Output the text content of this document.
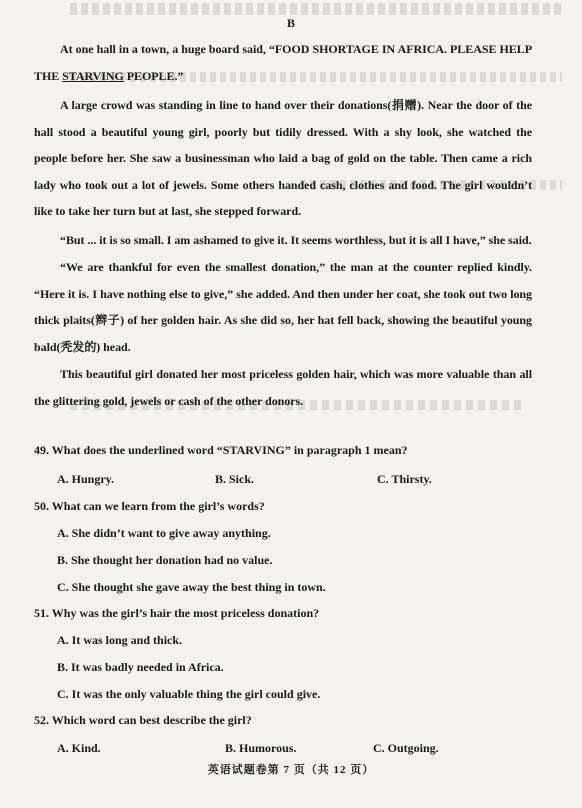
B

At one hall in a town, a huge board said, “FOOD SHORTAGE IN AFRICA. PLEASE HELP THE STARVING PEOPLE.”

A large crowd was standing in line to hand over their donations(捐赠). Near the door of the hall stood a beautiful young girl, poorly but tidily dressed. With a shy look, she watched the people before her. She saw a businessman who laid a bag of gold on the table. Then came a rich lady who took out a lot of jewels. Some others handed cash, clothes and food. The girl wouldn’t like to take her turn but at last, she stepped forward.

“But ... it is so small. I am ashamed to give it. It seems worthless, but it is all I have,” she said.

“We are thankful for even the smallest donation,” the man at the counter replied kindly. “Here it is. I have nothing else to give,” she added. And then under her coat, she took out two long thick plaits(辫子) of her golden hair. As she did so, her hat fell back, showing the beautiful young bald(秃发的) head.

This beautiful girl donated her most priceless golden hair, which was more valuable than all the glittering gold, jewels or cash of the other donors.

49. What does the underlined word “STARVING” in paragraph 1 mean?
A. Hungry.	B. Sick.	C. Thirsty.
50. What can we learn from the girl’s words?
A. She didn’t want to give away anything.
B. She thought her donation had no value.
C. She thought she gave away the best thing in town.
51. Why was the girl’s hair the most priceless donation?
A. It was long and thick.
B. It was badly needed in Africa.
C. It was the only valuable thing the girl could give.
52. Which word can best describe the girl?
A. Kind.	B. Humorous.	C. Outgoing.
英语试题卷第 7 页（共 12 页）
